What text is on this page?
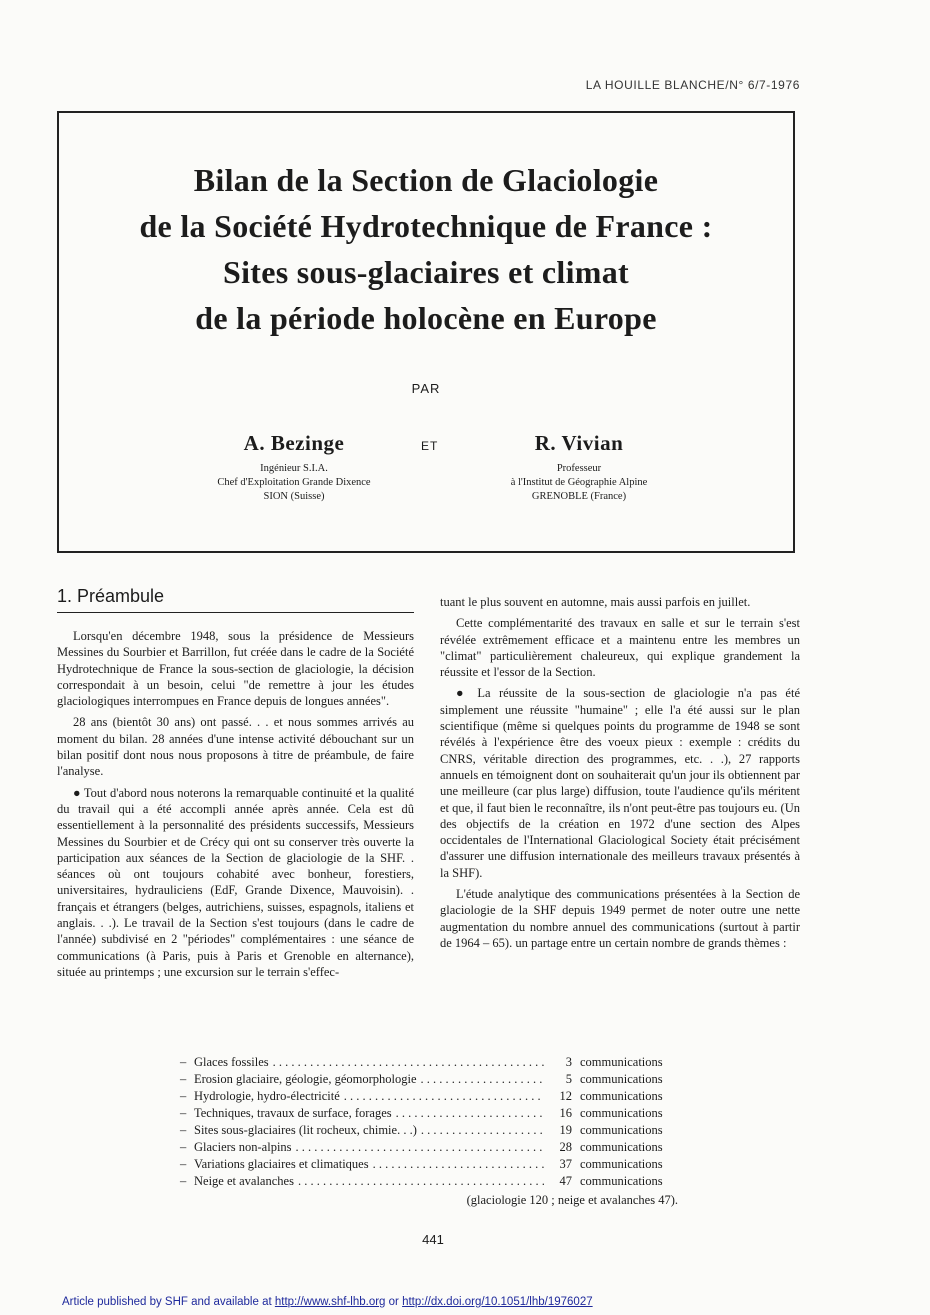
LA HOUILLE BLANCHE/N° 6/7-1976
Bilan de la Section de Glaciologie
de la Société Hydrotechnique de France :
Sites sous-glaciaires et climat
de la période holocène en Europe
PAR
A. Bezinge
Ingénieur S.I.A.
Chef d'Exploitation Grande Dixence
SION (Suisse)
ET	R. Vivian
Professeur
à l'Institut de Géographie Alpine
GRENOBLE (France)
1. Préambule

Lorsqu'en décembre 1948, sous la présidence de Messieurs Messines du Sourbier et Barrillon, fut créée dans le cadre de la Société Hydrotechnique de France la sous-section de glaciologie, la décision correspondait à un besoin, celui "de remettre à jour les études glaciologiques interrompues en France depuis de longues années".

28 ans (bientôt 30 ans) ont passé. . . et nous sommes arrivés au moment du bilan. 28 années d'une intense activité débouchant sur un bilan positif dont nous nous proposons à titre de préambule, de faire l'analyse.

● Tout d'abord nous noterons la remarquable continuité et la qualité du travail qui a été accompli année après année. Cela est dû essentiellement à la personnalité des présidents successifs, Messieurs Messines du Sourbier et de Crécy qui ont su conserver très ouverte la participation aux séances de la Section de glaciologie de la SHF. . séances où ont toujours cohabité avec bonheur, forestiers, universitaires, hydrauliciens (EdF, Grande Dixence, Mauvoisin). . français et étrangers (belges, autrichiens, suisses, espagnols, italiens et anglais. . .). Le travail de la Section s'est toujours (dans le cadre de l'année) subdivisé en 2 "périodes" complémentaires : une séance de communications (à Paris, puis à Paris et Grenoble en alternance), située au printemps ; une excursion sur le terrain s'effec-

tuant le plus souvent en automne, mais aussi parfois en juillet.

Cette complémentarité des travaux en salle et sur le terrain s'est révélée extrêmement efficace et a maintenu entre les membres un "climat" particulièrement chaleureux, qui explique grandement la réussite et l'essor de la Section.

● La réussite de la sous-section de glaciologie n'a pas été simplement une réussite "humaine" ; elle l'a été aussi sur le plan scientifique (même si quelques points du programme de 1948 se sont révélés à l'expérience être des voeux pieux : exemple : crédits du CNRS, véritable direction des programmes, etc. . .), 27 rapports annuels en témoignent dont on souhaiterait qu'un jour ils obtiennent par une meilleure (car plus large) diffusion, toute l'audience qu'ils méritent et que, il faut bien le reconnaître, ils n'ont peut-être pas toujours eu. (Un des objectifs de la création en 1972 d'une section des Alpes occidentales de l'International Glaciological Society était précisément d'assurer une diffusion internationale des meilleurs travaux présentés à la SHF).

L'étude analytique des communications présentées à la Section de glaciologie de la SHF depuis 1949 permet de noter outre une nette augmentation du nombre annuel des communications (surtout à partir de 1964 – 65). un partage entre un certain nombre de grands thèmes :

– Glaces fossiles . . .	3 communications
– Erosion glaciaire, géologie, géomorphologie . . .	5 communications
– Hydrologie, hydro-électricité . . .	12 communications
– Techniques, travaux de surface, forages . . .	16 communications
– Sites sous-glaciaires (lit rocheux, chimie. . .) . . .	19 communications
– Glaciers non-alpins . . .	28 communications
– Variations glaciaires et climatiques . . .	37 communications
– Neige et avalanches . . .	47 communications
(glaciologie 120 ; neige et avalanches 47).
441
Article published by SHF and available at http://www.shf-lhb.org or http://dx.doi.org/10.1051/lhb/1976027
